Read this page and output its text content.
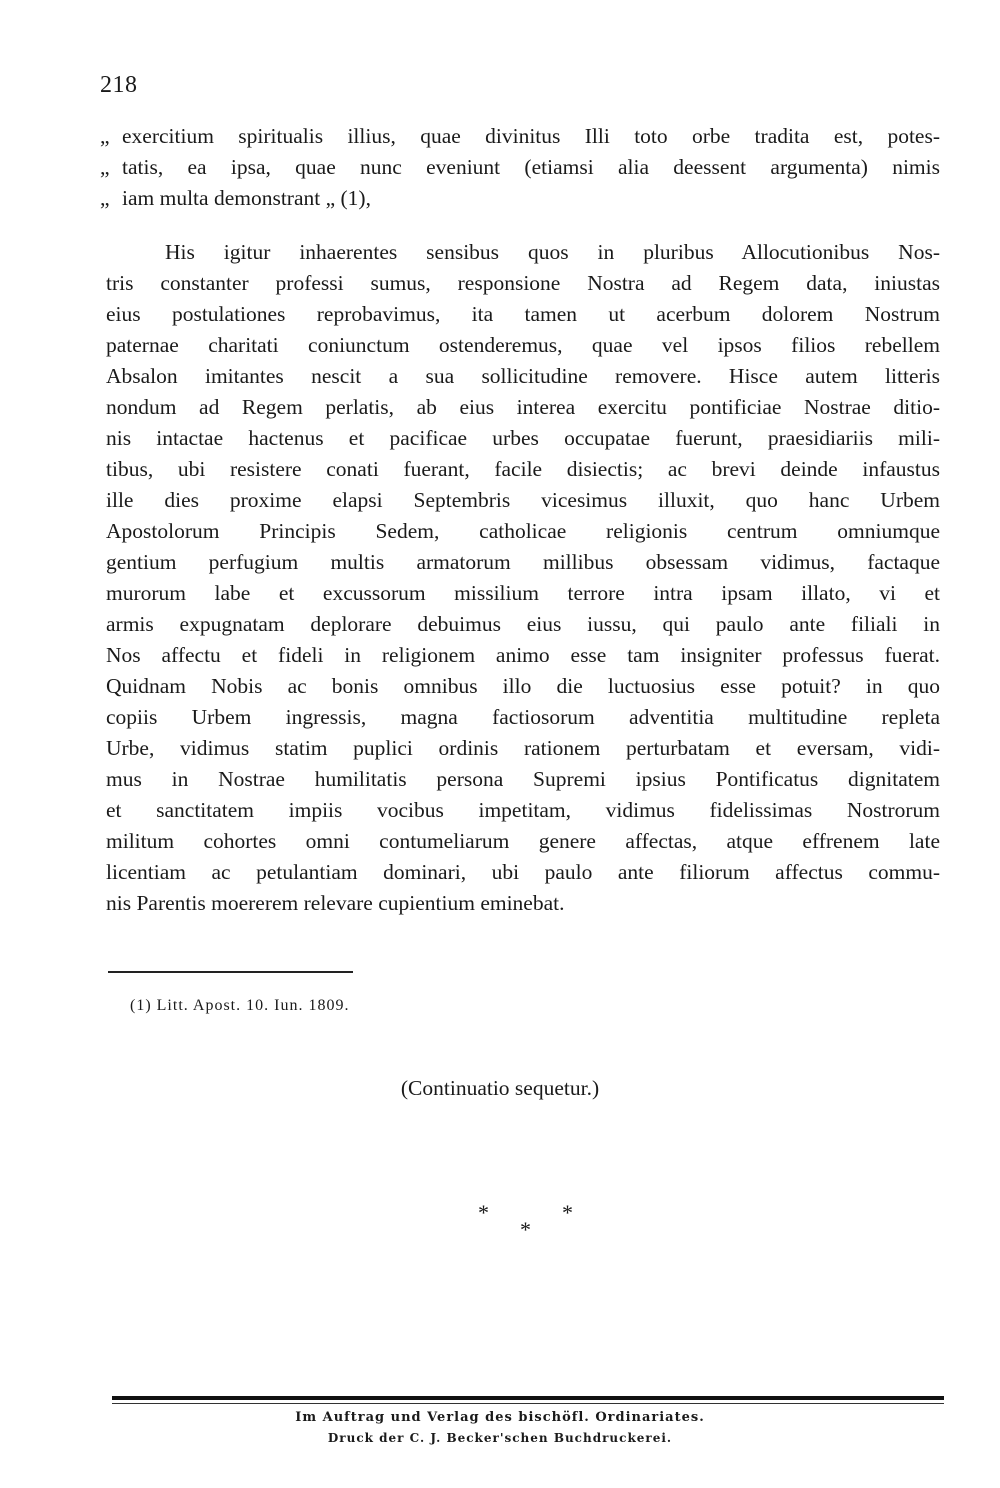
218
„ exercitium spiritualis illius, quae divinitus Illi toto orbe tradita est, potes-
„ tatis, ea ipsa, quae nunc eveniunt (etiamsi alia deessent argumenta) nimis
„ iam multa demonstrant „ (1),
His igitur inhaerentes sensibus quos in pluribus Allocutionibus Nos-
tris constanter professi sumus, responsione Nostra ad Regem data, iniustas
eius postulationes reprobavimus, ita tamen ut acerbum dolorem Nostrum
paternae charitati coniunctum ostenderemus, quae vel ipsos filios rebellem
Absalon imitantes nescit a sua sollicitudine removere. Hisce autem litteris
nondum ad Regem perlatis, ab eius interea exercitu pontificiae Nostrae ditio-
nis intactae hactenus et pacificae urbes occupatae fuerunt, praesidiariis mili-
tibus, ubi resistere conati fuerant, facile disiectis; ac brevi deinde infaustus
ille dies proxime elapsi Septembris vicesimus illuxit, quo hanc Urbem
Apostolorum Principis Sedem, catholicae religionis centrum omniumque
gentium perfugium multis armatorum millibus obsessam vidimus, factaque
murorum labe et excussorum missilium terrore intra ipsam illato, vi et
armis expugnatam deplorare debuimus eius iussu, qui paulo ante filiali in
Nos affectu et fideli in religionem animo esse tam insigniter professus fuerat.
Quidnam Nobis ac bonis omnibus illo die luctuosius esse potuit? in quo
copiis Urbem ingressis, magna factiosorum adventitia multitudine repleta
Urbe, vidimus statim puplici ordinis rationem perturbatam et eversam, vidi-
mus in Nostrae humilitatis persona Supremi ipsius Pontificatus dignitatem
et sanctitatem impiis vocibus impetitam, vidimus fidelissimas Nostrorum
militum cohortes omni contumeliarum genere affectas, atque effrenem late
licentiam ac petulantiam dominari, ubi paulo ante filiorum affectus commu-
nis Parentis moererem relevare cupientium eminebat.
(1) Litt. Apost. 10. Iun. 1809.
(Continuatio sequetur.)
*
*
*
Im Auftrag und Verlag des bischöfl. Ordinariates.
Druck der C. J. Becker'schen Buchdruckerei.
